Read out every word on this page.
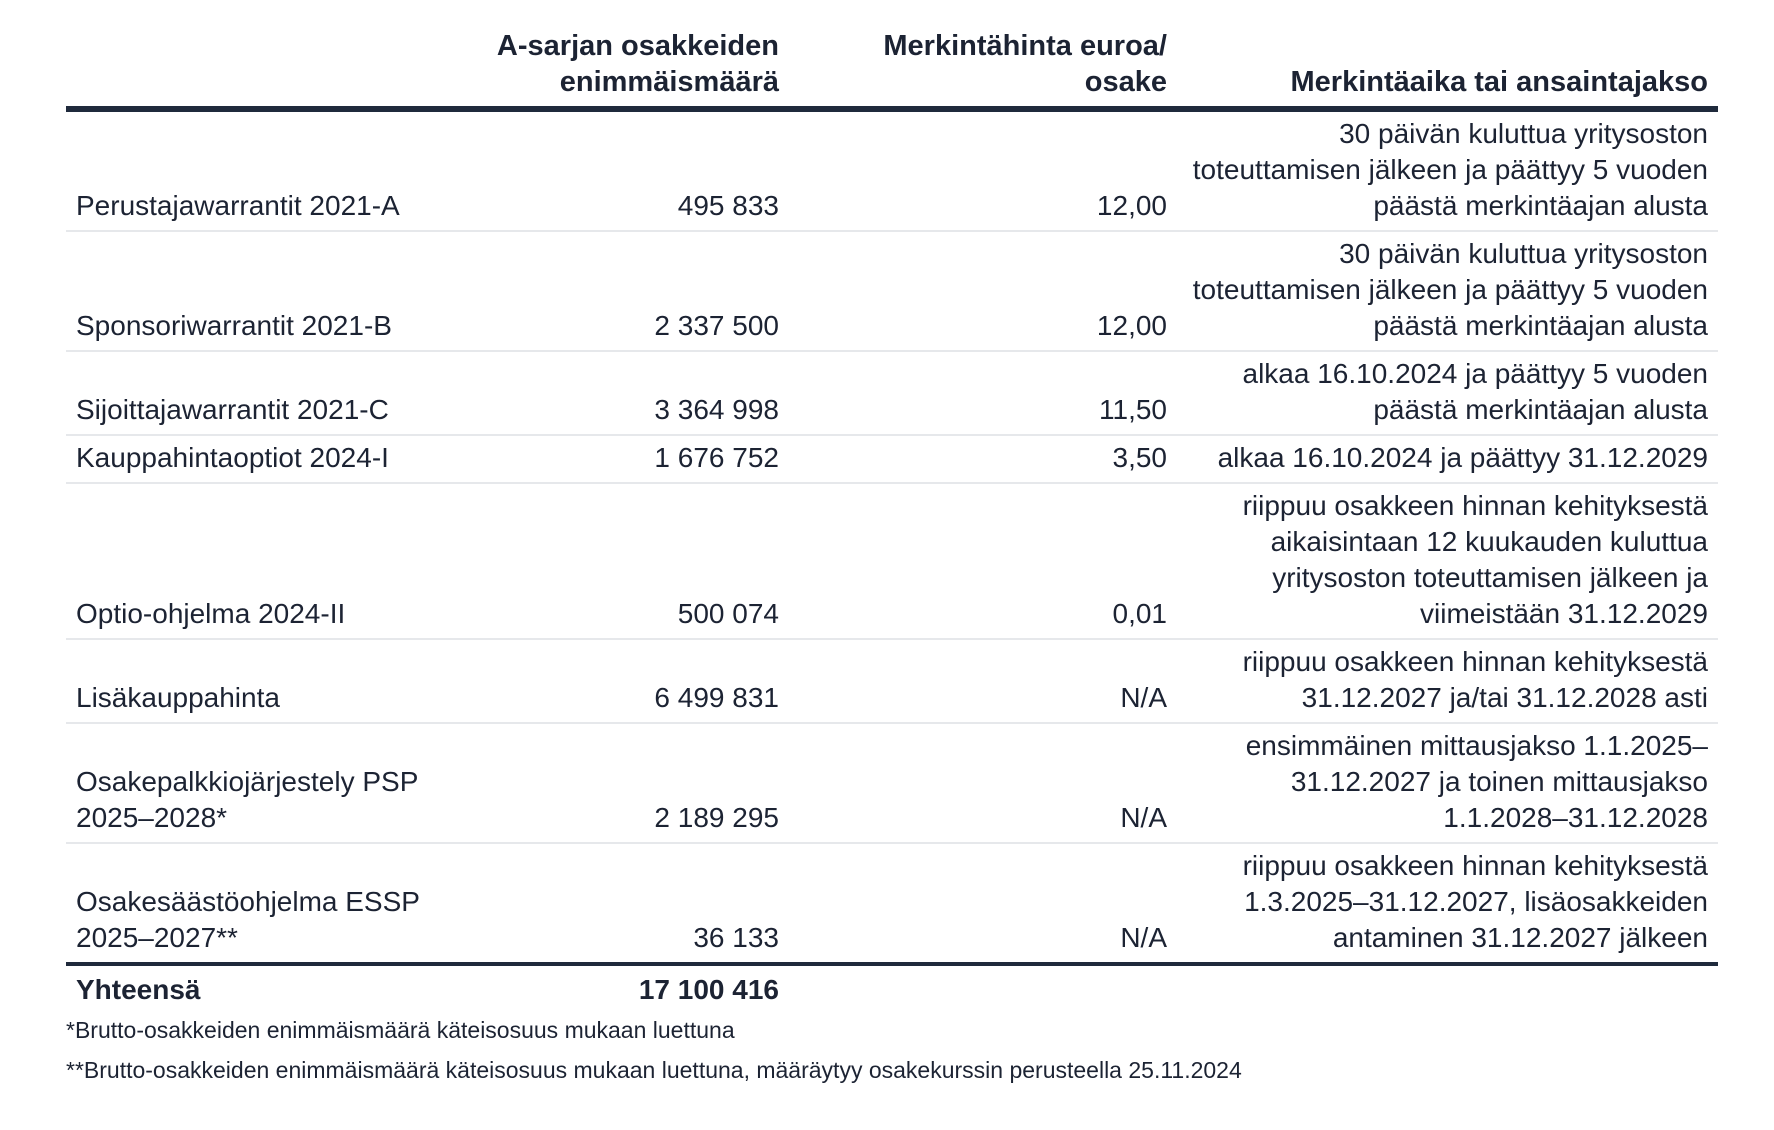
	A-sarjan osakkeiden enimmäismäärä	Merkintähinta euroa/ osake	Merkintäaika tai ansaintajakso
Perustajawarrantit 2021-A	495 833	12,00	30 päivän kuluttua yritysoston toteuttamisen jälkeen ja päättyy 5 vuoden päästä merkintäajan alusta
Sponsoriwarrantit 2021-B	2 337 500	12,00	30 päivän kuluttua yritysoston toteuttamisen jälkeen ja päättyy 5 vuoden päästä merkintäajan alusta
Sijoittajawarrantit 2021-C	3 364 998	11,50	alkaa 16.10.2024 ja päättyy 5 vuoden päästä merkintäajan alusta
Kauppahintaoptiot 2024-I	1 676 752	3,50	alkaa 16.10.2024 ja päättyy 31.12.2029
Optio-ohjelma 2024-II	500 074	0,01	riippuu osakkeen hinnan kehityksestä aikaisintaan 12 kuukauden kuluttua yritysoston toteuttamisen jälkeen ja viimeistään 31.12.2029
Lisäkauppahinta	6 499 831	N/A	riippuu osakkeen hinnan kehityksestä 31.12.2027 ja/tai 31.12.2028 asti
Osakepalkkiojärjestely PSP 2025–2028*	2 189 295	N/A	ensimmäinen mittausjakso 1.1.2025–31.12.2027 ja toinen mittausjakso 1.1.2028–31.12.2028
Osakesäästöohjelma ESSP 2025–2027**	36 133	N/A	riippuu osakkeen hinnan kehityksestä 1.3.2025–31.12.2027, lisäosakkeiden antaminen 31.12.2027 jälkeen
Yhteensä	17 100 416		

*Brutto-osakkeiden enimmäismäärä käteisosuus mukaan luettuna

**Brutto-osakkeiden enimmäismäärä käteisosuus mukaan luettuna, määräytyy osakekurssin perusteella 25.11.2024
